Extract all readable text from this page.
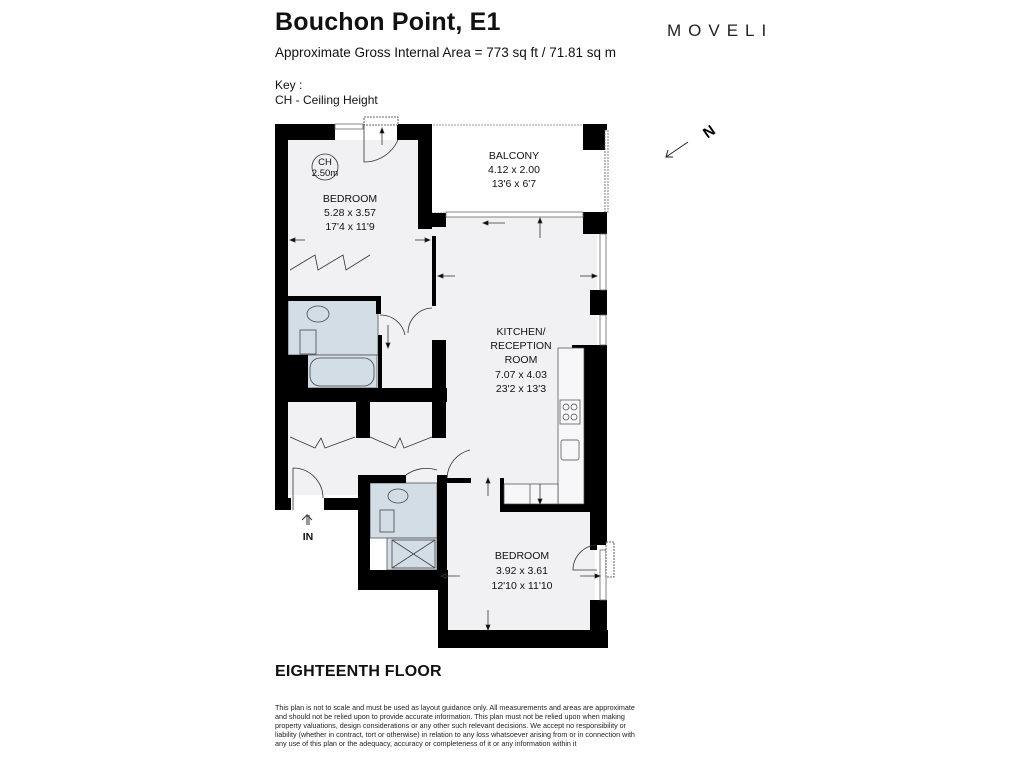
Bouchon Point, E1
Approximate Gross Internal Area = 773 sq ft / 71.81 sq m
MOVELI
Key :
CH - Ceiling Height
N
CH
2.50m
BEDROOM
5.28 x 3.57
17'4 x 11'9
BALCONY
4.12 x 2.00
13'6 x 6'7
KITCHEN/
RECEPTION
ROOM
7.07 x 4.03
23'2 x 13'3
BEDROOM
3.92 x 3.61
12'10 x 11'10
IN
EIGHTEENTH FLOOR
This plan is not to scale and must be used as layout guidance only. All measurements and areas are approximate and should not be relied upon to provide accurate information. This plan must not be relied upon when making property valuations, design considerations or any other such relevant decisions. We accept no responsibility or liability (whether in contract, tort or otherwise) in relation to any loss whatsoever arising from or in connection with any use of this plan or the adequacy, accuracy or completeness of it or any information within it
